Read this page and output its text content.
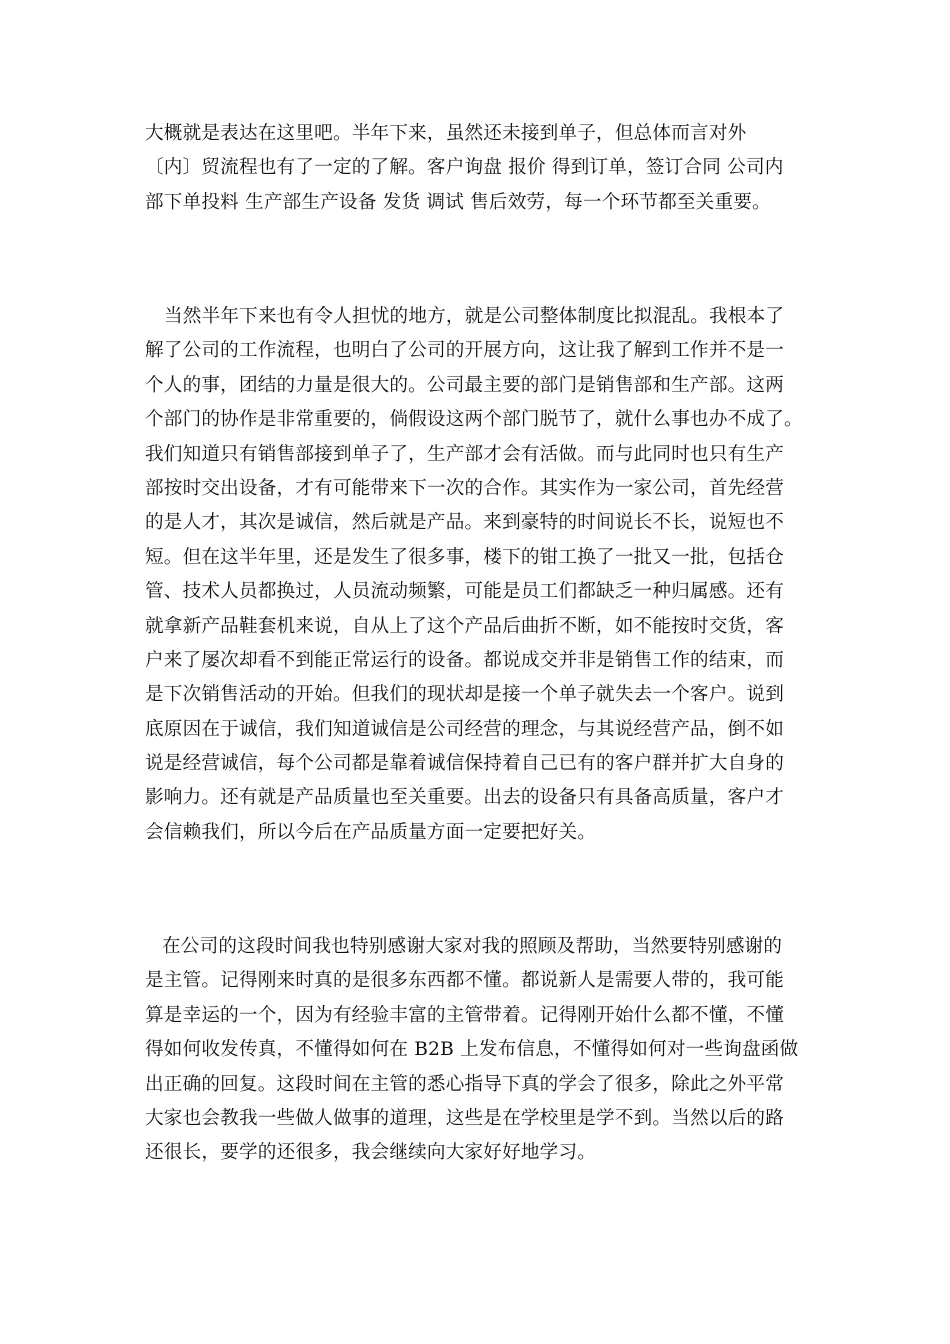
大概就是表达在这里吧。半年下来，虽然还未接到单子，但总体而言对外
〔内〕贸流程也有了一定的了解。客户询盘 报价 得到订单，签订合同 公司内
部下单投料 生产部生产设备 发货 调试 售后效劳，每一个环节都至关重要。
当然半年下来也有令人担忧的地方，就是公司整体制度比拟混乱。我根本了
解了公司的工作流程，也明白了公司的开展方向，这让我了解到工作并不是一
个人的事，团结的力量是很大的。公司最主要的部门是销售部和生产部。这两
个部门的协作是非常重要的，倘假设这两个部门脱节了，就什么事也办不成了。
我们知道只有销售部接到单子了，生产部才会有活做。而与此同时也只有生产
部按时交出设备，才有可能带来下一次的合作。其实作为一家公司，首先经营
的是人才，其次是诚信，然后就是产品。来到豪特的时间说长不长，说短也不
短。但在这半年里，还是发生了很多事，楼下的钳工换了一批又一批，包括仓
管、技术人员都换过，人员流动频繁，可能是员工们都缺乏一种归属感。还有
就拿新产品鞋套机来说，自从上了这个产品后曲折不断，如不能按时交货，客
户来了屡次却看不到能正常运行的设备。都说成交并非是销售工作的结束，而
是下次销售活动的开始。但我们的现状却是接一个单子就失去一个客户。说到
底原因在于诚信，我们知道诚信是公司经营的理念，与其说经营产品，倒不如
说是经营诚信，每个公司都是靠着诚信保持着自己已有的客户群并扩大自身的
影响力。还有就是产品质量也至关重要。出去的设备只有具备高质量，客户才
会信赖我们，所以今后在产品质量方面一定要把好关。
在公司的这段时间我也特别感谢大家对我的照顾及帮助，当然要特别感谢的
是主管。记得刚来时真的是很多东西都不懂。都说新人是需要人带的，我可能
算是幸运的一个，因为有经验丰富的主管带着。记得刚开始什么都不懂，不懂
得如何收发传真，不懂得如何在 B2B 上发布信息，不懂得如何对一些询盘函做
出正确的回复。这段时间在主管的悉心指导下真的学会了很多，除此之外平常
大家也会教我一些做人做事的道理，这些是在学校里是学不到。当然以后的路
还很长，要学的还很多，我会继续向大家好好地学习。
